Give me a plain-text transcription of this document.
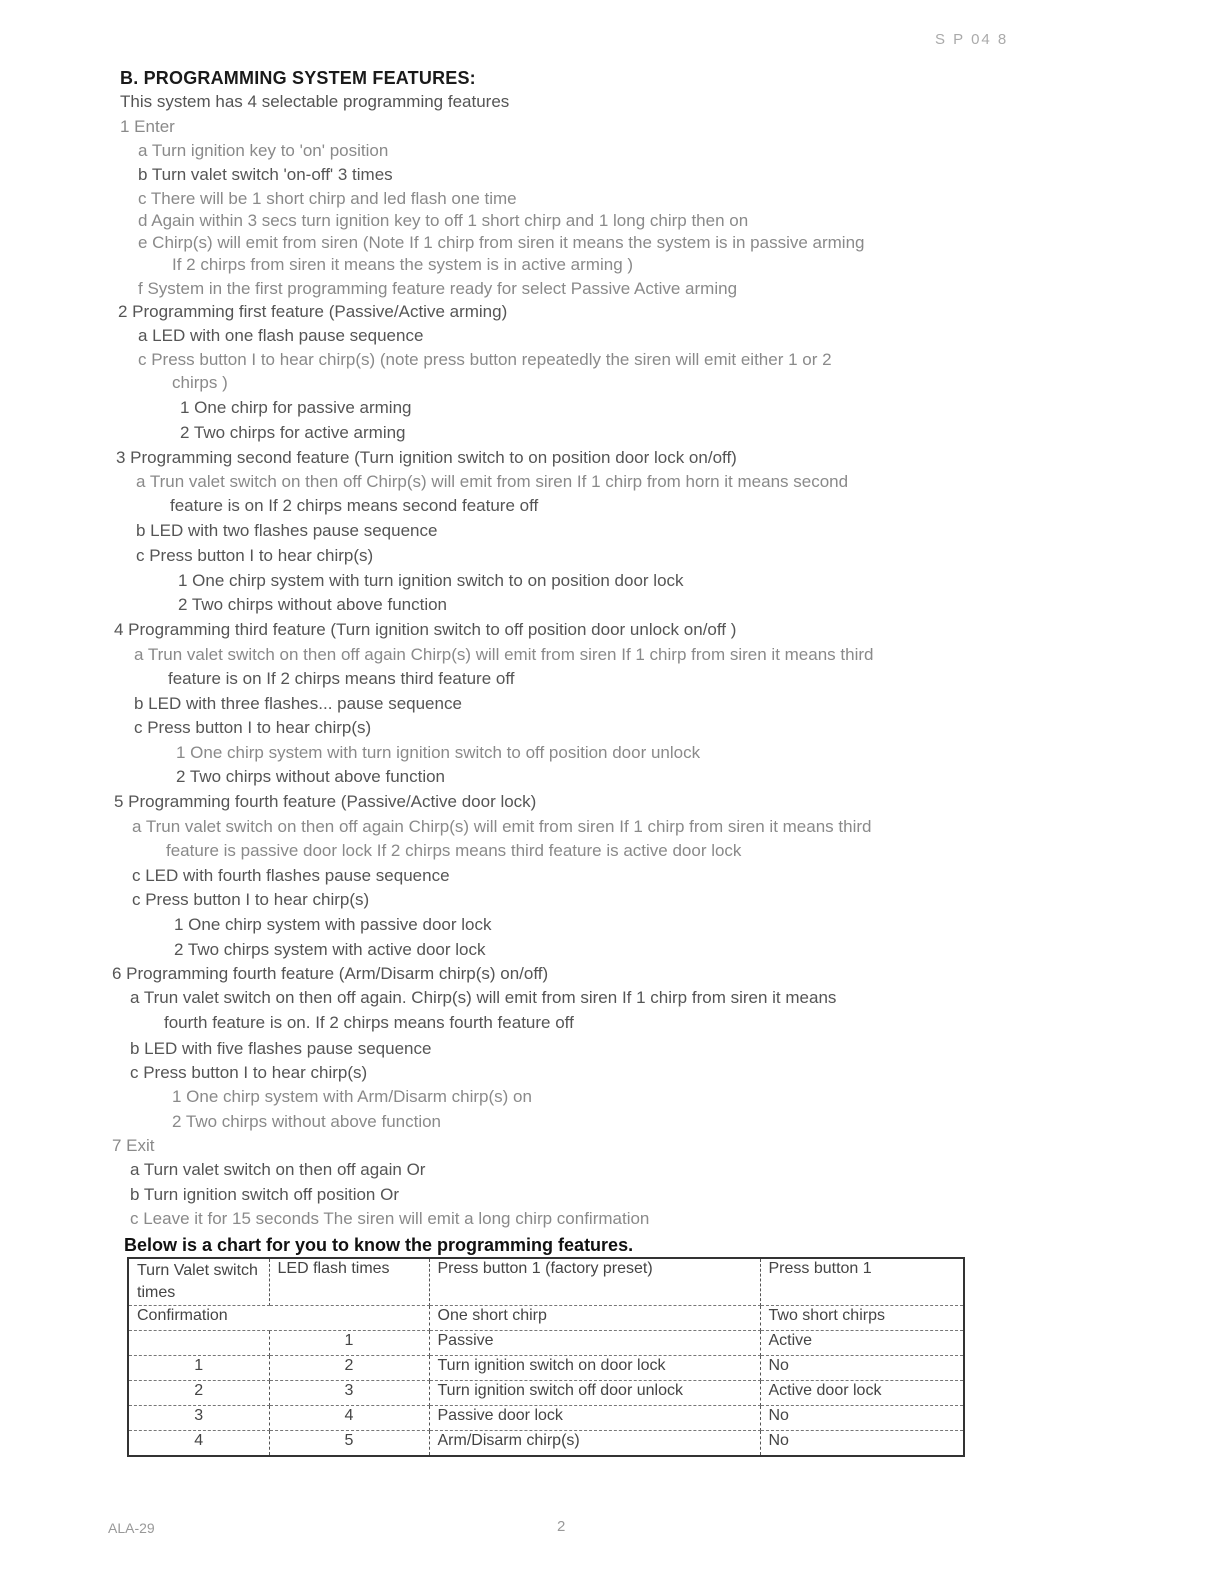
S P 04 8
B. PROGRAMMING SYSTEM FEATURES:
This system has 4 selectable programming features
1 Enter
a Turn ignition key to 'on' position
b Turn valet switch 'on-off' 3 times
c There will be 1 short chirp and led flash one time
d Again within 3 secs turn ignition key to off 1 short chirp and 1 long chirp then on
e Chirp(s) will emit from siren (Note If 1 chirp from siren it means the system is in passive arming
If 2 chirps from siren it means the system is in active arming )
f System in the first programming feature ready for select Passive Active arming
2 Programming first feature (Passive/Active arming)
a LED with one flash pause sequence
c Press button I to hear chirp(s) (note press button repeatedly the siren will emit either 1 or 2
chirps )
1 One chirp for passive arming
2 Two chirps for active arming
3 Programming second feature (Turn ignition switch to on position door lock on/off)
a Trun valet switch on then off Chirp(s) will emit from siren If 1 chirp from horn it means second
feature is on If 2 chirps means second feature off
b LED with two flashes pause sequence
c Press button I to hear chirp(s)
1 One chirp system with turn ignition switch to on position door lock
2 Two chirps without above function
4 Programming third feature (Turn ignition switch to off position door unlock on/off )
a Trun valet switch on then off again Chirp(s) will emit from siren If 1 chirp from siren it means third
feature is on If 2 chirps means third feature off
b LED with three flashes... pause sequence
c Press button I to hear chirp(s)
1 One chirp system with turn ignition switch to off position door unlock
2 Two chirps without above function
5 Programming fourth feature (Passive/Active door lock)
a Trun valet switch on then off again Chirp(s) will emit from siren If 1 chirp from siren it means third
feature is passive door lock If 2 chirps means third feature is active door lock
c LED with fourth flashes pause sequence
c Press button I to hear chirp(s)
1 One chirp system with passive door lock
2 Two chirps system with active door lock
6 Programming fourth feature (Arm/Disarm chirp(s) on/off)
a Trun valet switch on then off again. Chirp(s) will emit from siren If 1 chirp from siren it means
fourth feature is on. If 2 chirps means fourth feature off
b LED with five flashes pause sequence
c Press button I to hear chirp(s)
1 One chirp system with Arm/Disarm chirp(s) on
2 Two chirps without above function
7 Exit
a Turn valet switch on then off again Or
b Turn ignition switch off position Or
c Leave it for 15 seconds The siren will emit a long chirp confirmation
Below is a chart for you to know the programming features.
Turn Valet switch times	LED flash times	Press button 1 (factory preset)	Press button 1
Confirmation		One short chirp	Two short chirps
	1	Passive	Active
1	2	Turn ignition switch on door lock	No
2	3	Turn ignition switch off door unlock	Active door lock
3	4	Passive door lock	No
4	5	Arm/Disarm chirp(s)	No
ALA-29	2
